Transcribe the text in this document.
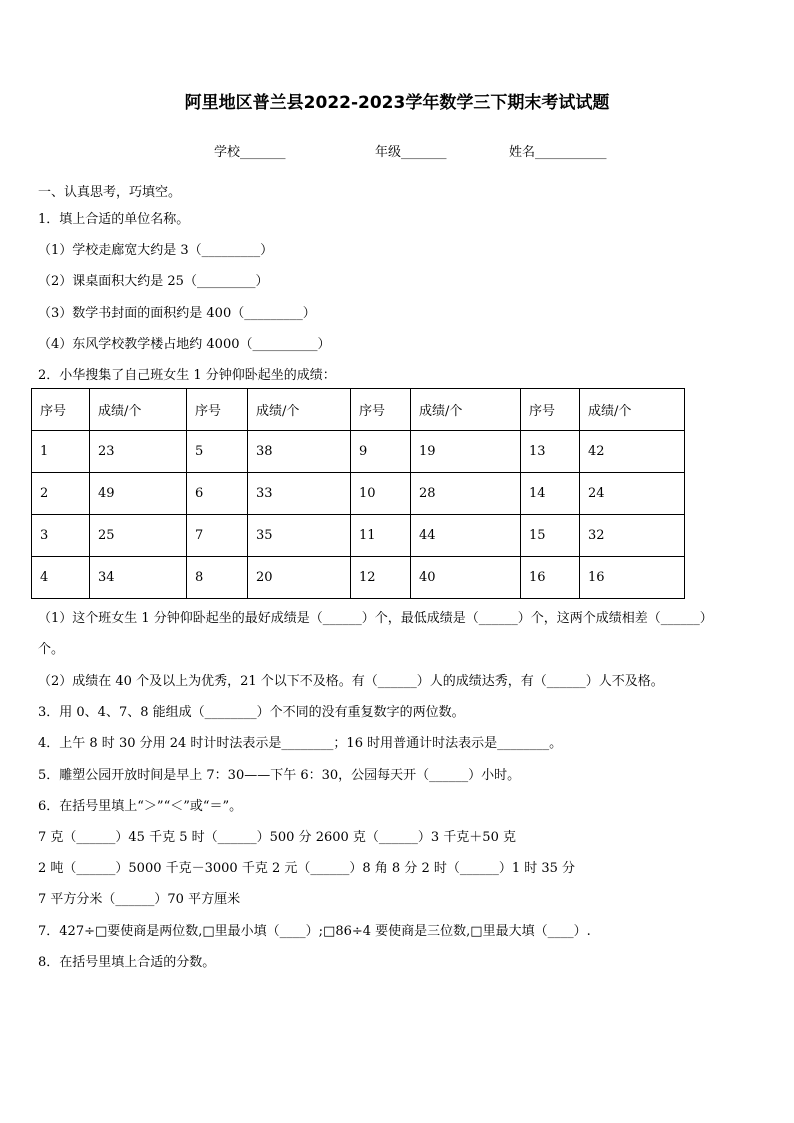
阿里地区普兰县2022-2023学年数学三下期末考试试题
学校_______	年级_______	姓名___________
一、认真思考，巧填空。
1．填上合适的单位名称。
（1）学校走廊宽大约是 3（_________）
（2）课桌面积大约是 25（_________）
（3）数学书封面的面积约是 400（_________）
（4）东风学校教学楼占地约 4000（__________）
2．小华搜集了自己班女生 1 分钟仰卧起坐的成绩：
序号	成绩/个	序号	成绩/个	序号	成绩/个	序号	成绩/个
1	23	5	38	9	19	13	42
2	49	6	33	10	28	14	24
3	25	7	35	11	44	15	32
4	34	8	20	12	40	16	16
（1）这个班女生 1 分钟仰卧起坐的最好成绩是（______）个，最低成绩是（______）个，这两个成绩相差（______）
个。
（2）成绩在 40 个及以上为优秀，21 个以下不及格。有（______）人的成绩达秀，有（______）人不及格。
3．用 0、4、7、8 能组成（________）个不同的没有重复数字的两位数。
4．上午 8 时 30 分用 24 时计时法表示是________；16 时用普通计时法表示是________。
5．雕塑公园开放时间是早上 7：30——下午 6：30，公园每天开（______）小时。
6．在括号里填上“＞”“＜”或“＝”。
7 克（______）45 千克 5 时（______）500 分 2600 克（______）3 千克＋50 克
2 吨（______）5000 千克－3000 千克 2 元（______）8 角 8 分 2 时（______）1 时 35 分
7 平方分米（______）70 平方厘米
7．427÷□要使商是两位数,□里最小填（____）;□86÷4 要使商是三位数,□里最大填（____）.
8．在括号里填上合适的分数。
